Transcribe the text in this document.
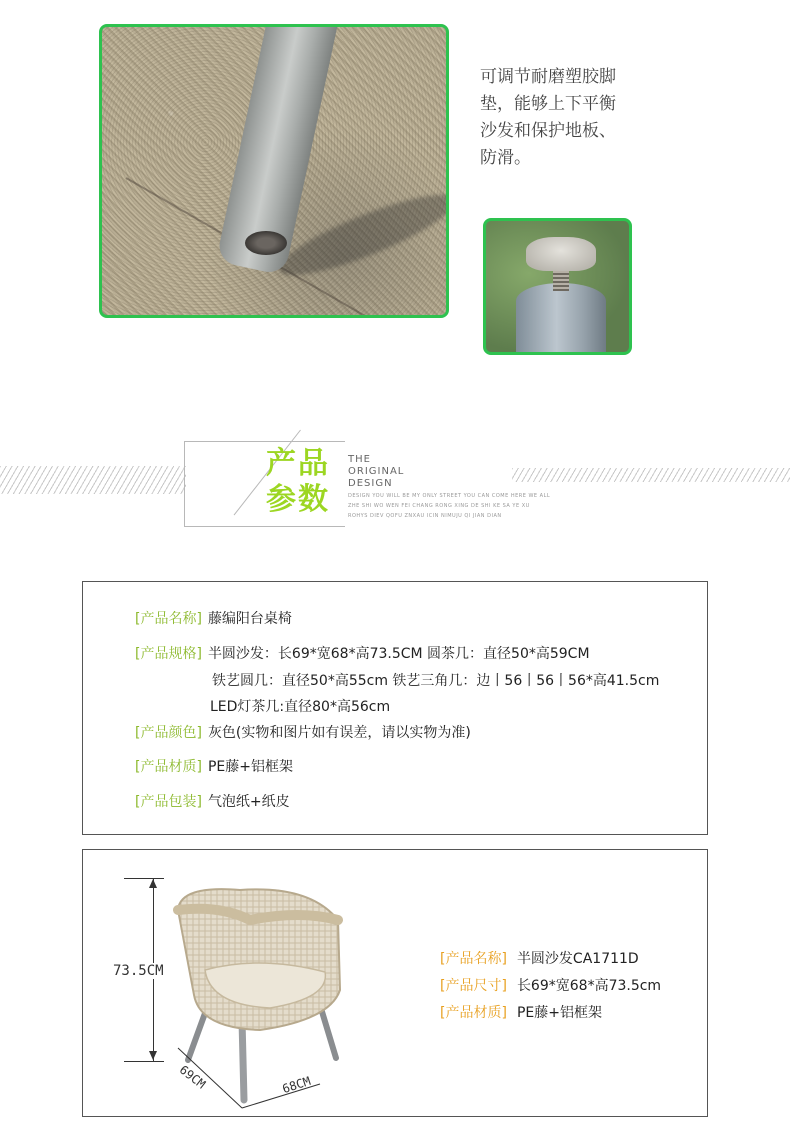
可调节耐磨塑胶脚
垫，能够上下平衡
沙发和保护地板、
防滑。
产品
参数
THE
ORIGINAL
DESIGN
DESIGN YOU WILL BE MY ONLY STREET YOU CAN COME HERE WE ALL
ZHE SHI WO WEN FEI CHANG RONG XING DE SHI KE SA YE XU
ROHYS DIEV QOFU ZNXAU ICIN NIMUJU QI JIAN DIAN
[产品名称] 藤编阳台桌椅
[产品规格] 半圆沙发：长69*宽68*高73.5CM 圆茶几：直径50*高59CM
铁艺圆几：直径50*高55cm 铁艺三角几：边丨56丨56丨56*高41.5cm
LED灯茶几:直径80*高56cm
[产品颜色] 灰色(实物和图片如有误差，请以实物为准)
[产品材质] PE藤+铝框架
[产品包装] 气泡纸+纸皮
73.5CM
69CM	68CM
[产品名称] 半圆沙发CA1711D
[产品尺寸] 长69*宽68*高73.5cm
[产品材质] PE藤+铝框架
